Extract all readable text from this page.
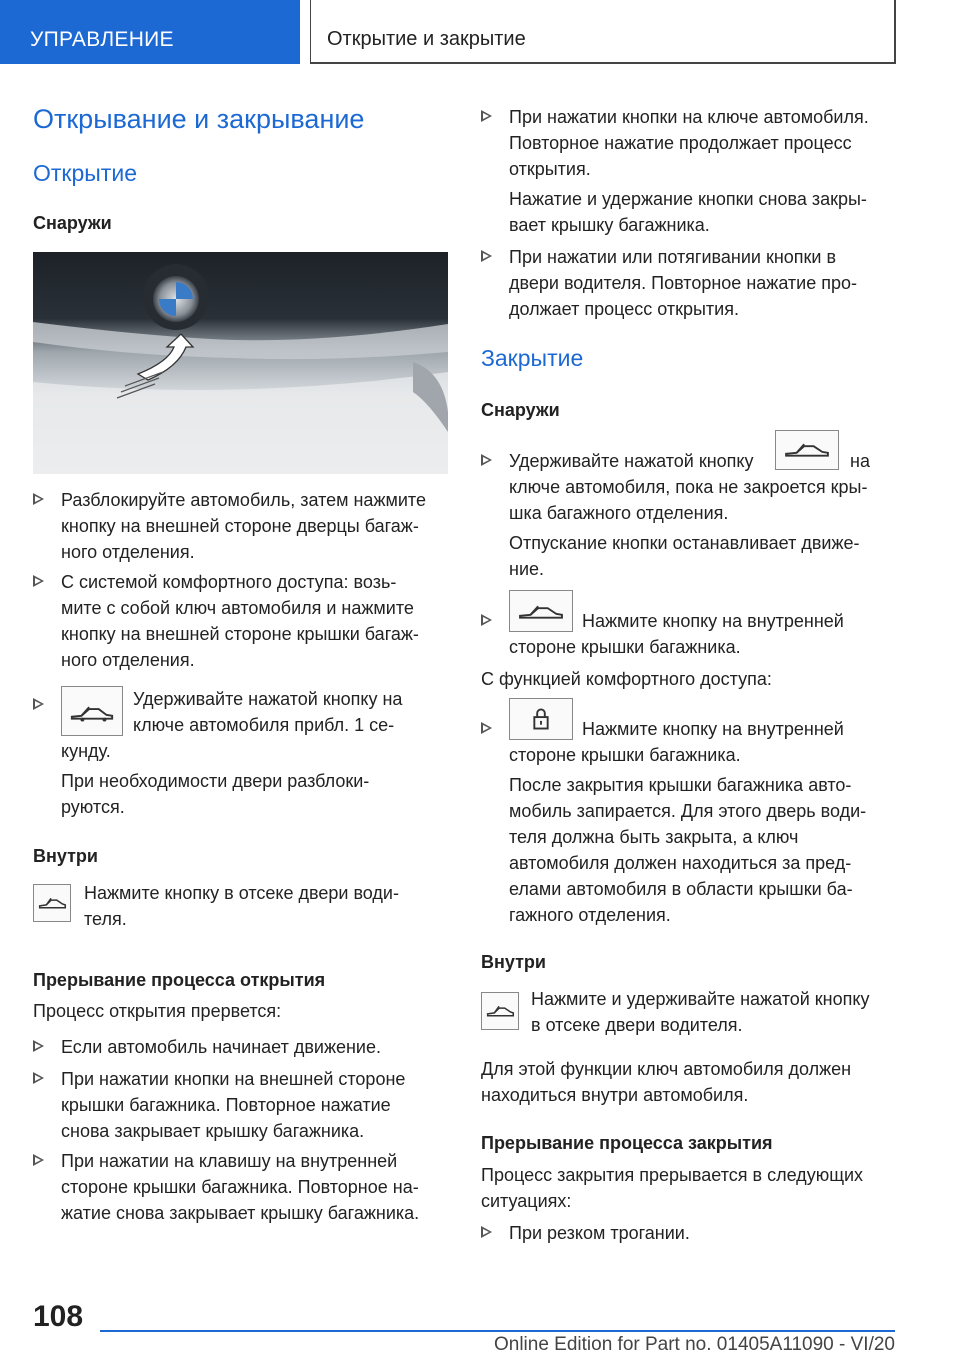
УПРАВЛЕНИЕ	Открытие и закрытие
Открывание и закрывание
Открытие
Снаружи
Разблокируйте автомобиль, затем нажмите
кнопку на внешней стороне дверцы багаж-
ного отделения.
С системой комфортного доступа: возь-
мите с собой ключ автомобиля и нажмите
кнопку на внешней стороне крышки багаж-
ного отделения.
Удерживайте нажатой кнопку на
ключе автомобиля прибл. 1 се-
кунду.
При необходимости двери разблоки-
руются.
Внутри
Нажмите кнопку в отсеке двери води-
теля.
Прерывание процесса открытия
Процесс открытия прервется:
Если автомобиль начинает движение.
При нажатии кнопки на внешней стороне
крышки багажника. Повторное нажатие
снова закрывает крышку багажника.
При нажатии на клавишу на внутренней
стороне крышки багажника. Повторное на-
жатие снова закрывает крышку багажника.
При нажатии кнопки на ключе автомобиля.
Повторное нажатие продолжает процесс
открытия.
Нажатие и удержание кнопки снова закры-
вает крышку багажника.
При нажатии или потягивании кнопки в
двери водителя. Повторное нажатие про-
должает процесс открытия.
Закрытие
Снаружи
Удерживайте нажатой кнопку	на
ключе автомобиля, пока не закроется кры-
шка багажного отделения.
Отпускание кнопки останавливает движе-
ние.
Нажмите кнопку на внутренней
стороне крышки багажника.
С функцией комфортного доступа:
Нажмите кнопку на внутренней
стороне крышки багажника.
После закрытия крышки багажника авто-
мобиль запирается. Для этого дверь води-
теля должна быть закрыта, а ключ
автомобиля должен находиться за пред-
елами автомобиля в области крышки ба-
гажного отделения.
Внутри
Нажмите и удерживайте нажатой кнопку
в отсеке двери водителя.
Для этой функции ключ автомобиля должен
находиться внутри автомобиля.
Прерывание процесса закрытия
Процесс закрытия прерывается в следующих
ситуациях:
При резком трогании.
108
Online Edition for Part no. 01405A11090 - VI/20
